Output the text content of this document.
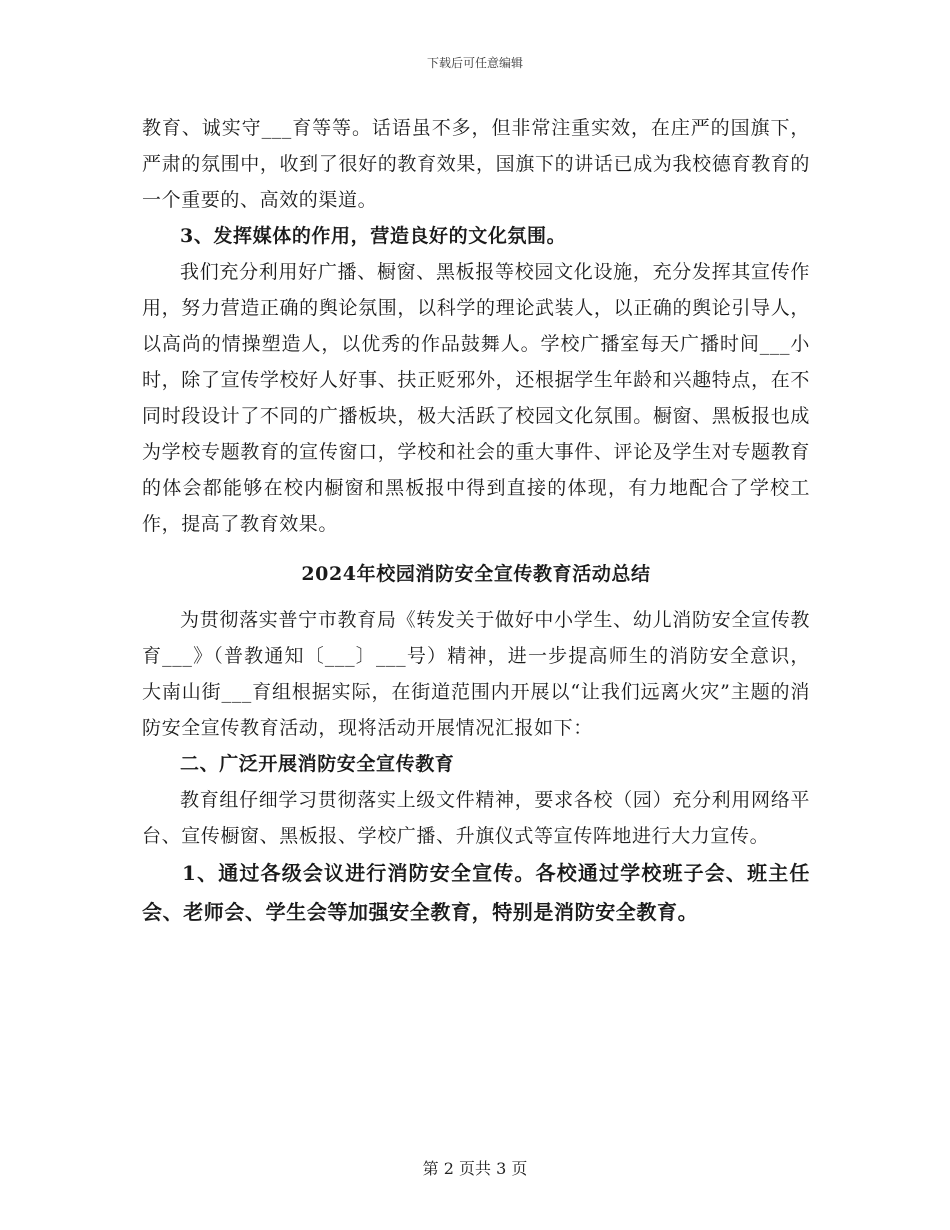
下载后可任意编辑

教育、诚实守___育等等。话语虽不多，但非常注重实效，在庄严的国旗下，严肃的氛围中，收到了很好的教育效果，国旗下的讲话已成为我校德育教育的一个重要的、高效的渠道。

3、发挥媒体的作用，营造良好的文化氛围。

我们充分利用好广播、橱窗、黑板报等校园文化设施，充分发挥其宣传作用，努力营造正确的舆论氛围，以科学的理论武装人，以正确的舆论引导人，以高尚的情操塑造人，以优秀的作品鼓舞人。学校广播室每天广播时间___小时，除了宣传学校好人好事、扶正贬邪外，还根据学生年龄和兴趣特点，在不同时段设计了不同的广播板块，极大活跃了校园文化氛围。橱窗、黑板报也成为学校专题教育的宣传窗口，学校和社会的重大事件、评论及学生对专题教育的体会都能够在校内橱窗和黑板报中得到直接的体现，有力地配合了学校工作，提高了教育效果。

2024年校园消防安全宣传教育活动总结

为贯彻落实普宁市教育局《转发关于做好中小学生、幼儿消防安全宣传教育___》（普教通知〔___〕___号）精神，进一步提高师生的消防安全意识，大南山街___育组根据实际，在街道范围内开展以“让我们远离火灾”主题的消防安全宣传教育活动，现将活动开展情况汇报如下：

二、广泛开展消防安全宣传教育

教育组仔细学习贯彻落实上级文件精神，要求各校（园）充分利用网络平台、宣传橱窗、黑板报、学校广播、升旗仪式等宣传阵地进行大力宣传。

1、通过各级会议进行消防安全宣传。各校通过学校班子会、班主任会、老师会、学生会等加强安全教育，特别是消防安全教育。

第 2 页共 3 页
